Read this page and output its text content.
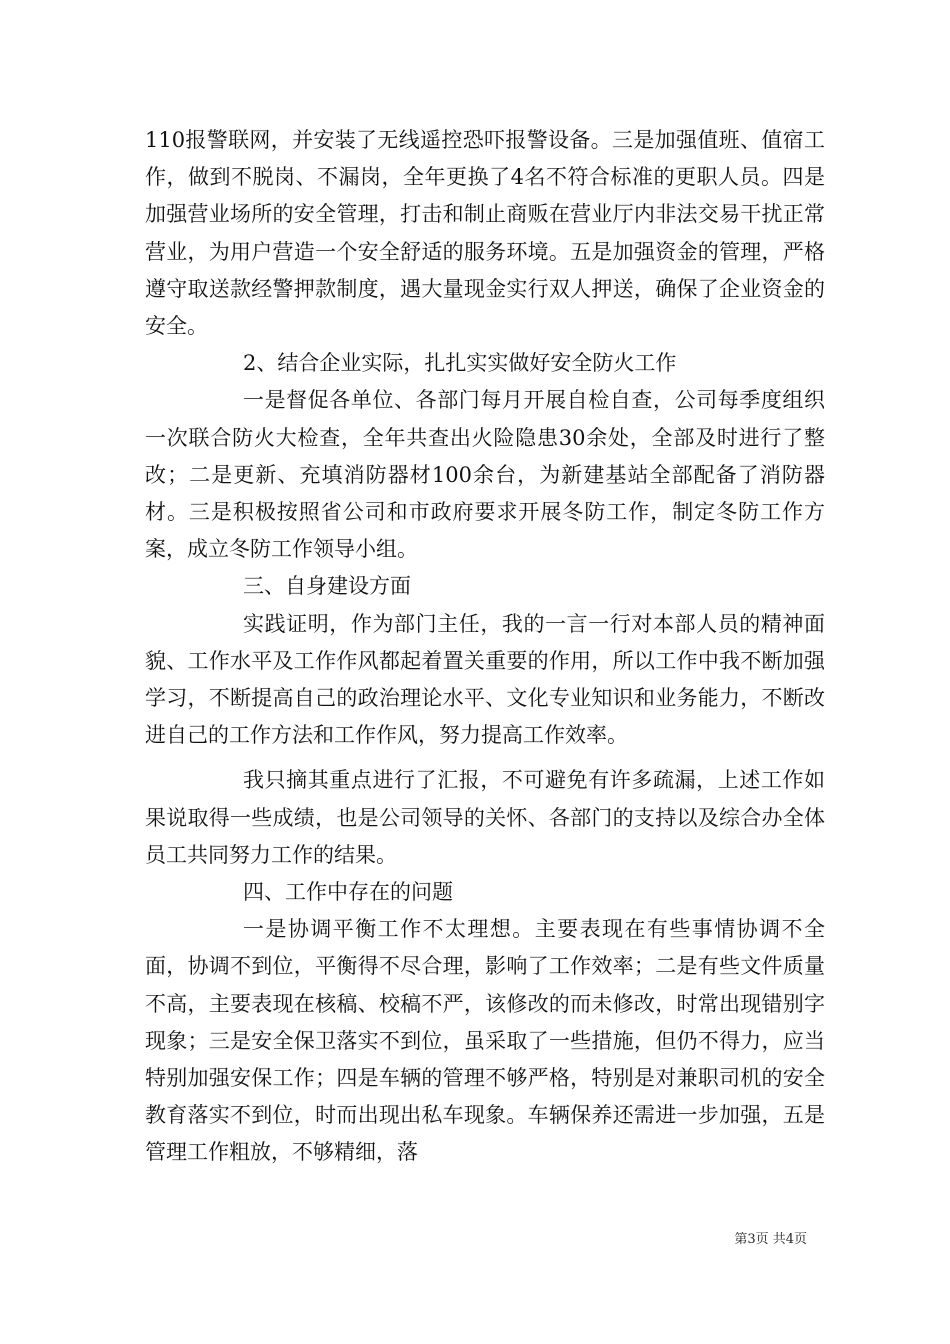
110报警联网，并安装了无线遥控恐吓报警设备。三是加强值班、值宿工作，做到不脱岗、不漏岗，全年更换了4名不符合标准的更职人员。四是加强营业场所的安全管理，打击和制止商贩在营业厅内非法交易干扰正常营业，为用户营造一个安全舒适的服务环境。五是加强资金的管理，严格遵守取送款经警押款制度，遇大量现金实行双人押送，确保了企业资金的安全。

2、结合企业实际，扎扎实实做好安全防火工作

一是督促各单位、各部门每月开展自检自查，公司每季度组织一次联合防火大检查，全年共查出火险隐患30余处，全部及时进行了整改；二是更新、充填消防器材100余台，为新建基站全部配备了消防器材。三是积极按照省公司和市政府要求开展冬防工作，制定冬防工作方案，成立冬防工作领导小组。

三、自身建设方面

实践证明，作为部门主任，我的一言一行对本部人员的精神面貌、工作水平及工作作风都起着置关重要的作用，所以工作中我不断加强学习，不断提高自己的政治理论水平、文化专业知识和业务能力，不断改进自己的工作方法和工作作风，努力提高工作效率。

我只摘其重点进行了汇报，不可避免有许多疏漏，上述工作如果说取得一些成绩，也是公司领导的关怀、各部门的支持以及综合办全体员工共同努力工作的结果。

四、工作中存在的问题

一是协调平衡工作不太理想。主要表现在有些事情协调不全面，协调不到位，平衡得不尽合理，影响了工作效率；二是有些文件质量不高，主要表现在核稿、校稿不严，该修改的而未修改，时常出现错别字现象；三是安全保卫落实不到位，虽采取了一些措施，但仍不得力，应当特别加强安保工作；四是车辆的管理不够严格，特别是对兼职司机的安全教育落实不到位，时而出现出私车现象。车辆保养还需进一步加强，五是管理工作粗放，不够精细，落

第3页 共4页
